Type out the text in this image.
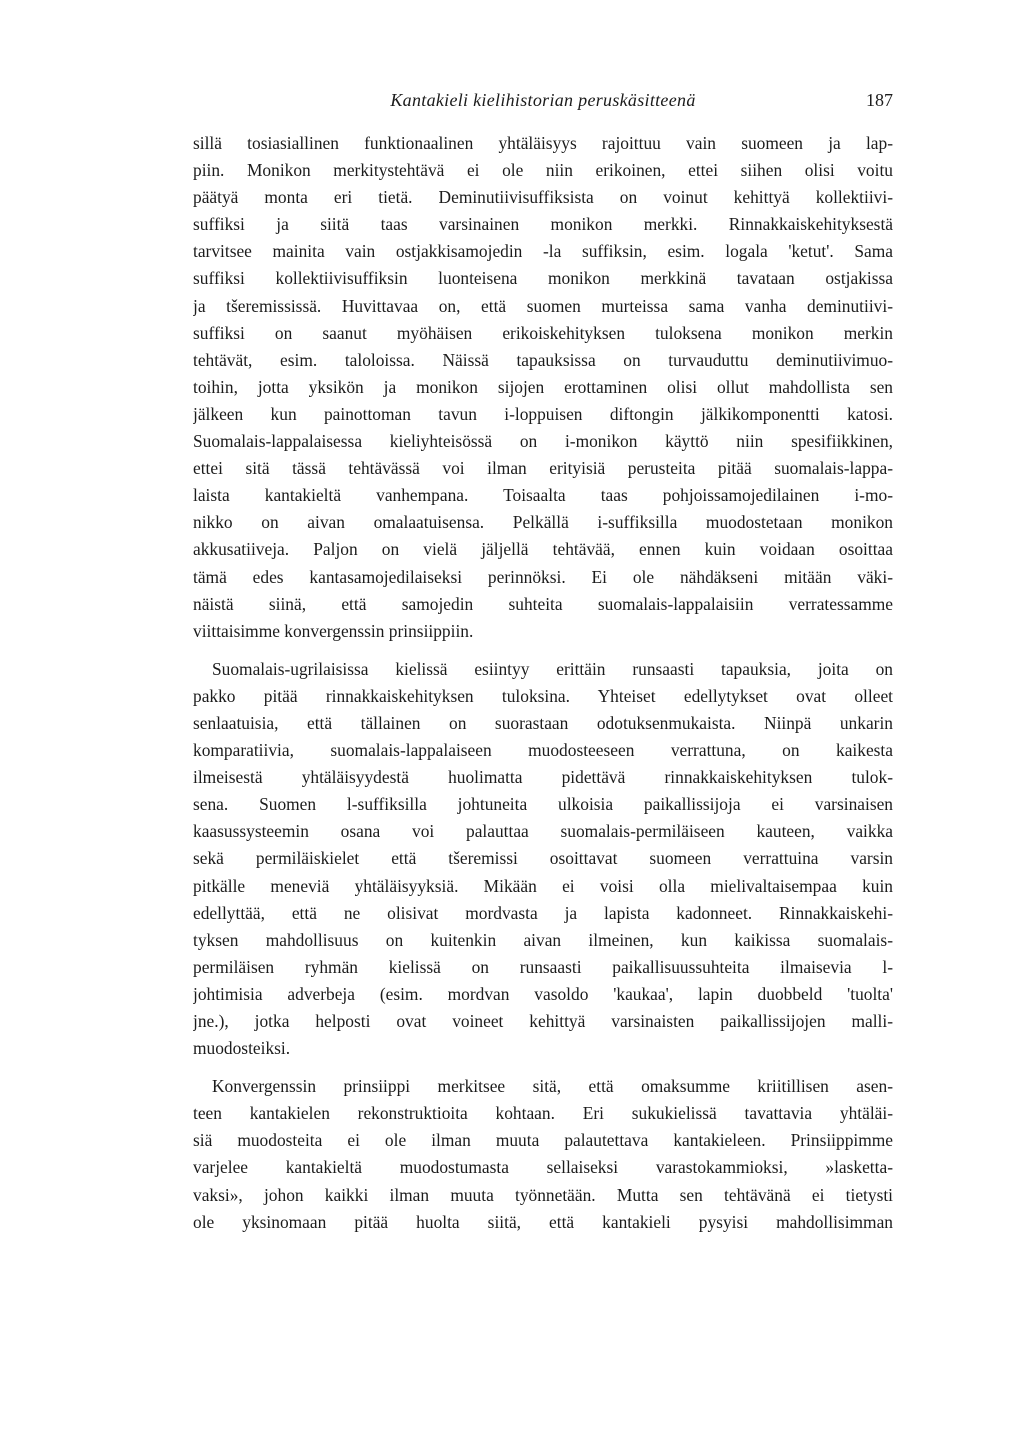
Kantakieli kielihistorian peruskäsitteenä	187
sillä tosiasiallinen funktionaalinen yhtäläisyys rajoittuu vain suomeen ja lap-
piin. Monikon merkitystehtävä ei ole niin erikoinen, ettei siihen olisi voitu
päätyä monta eri tietä. Deminutiivisuffiksista on voinut kehittyä kollektiivi-
suffiksi ja siitä taas varsinainen monikon merkki. Rinnakkaiskehityksestä
tarvitsee mainita vain ostjakkisamojedin -la suffiksin, esim. logala 'ketut'. Sama
suffiksi kollektiivisuffiksin luonteisena monikon merkkinä tavataan ostjakissa
ja tšeremississä. Huvittavaa on, että suomen murteissa sama vanha deminutiivi-
suffiksi on saanut myöhäisen erikoiskehityksen tuloksena monikon merkin
tehtävät, esim. taloloissa. Näissä tapauksissa on turvauduttu deminutiivimuo-
toihin, jotta yksikön ja monikon sijojen erottaminen olisi ollut mahdollista sen
jälkeen kun painottoman tavun i-loppuisen diftongin jälkikomponentti katosi.
Suomalais-lappalaisessa kieliyhteisössä on i-monikon käyttö niin spesifiikkinen,
ettei sitä tässä tehtävässä voi ilman erityisiä perusteita pitää suomalais-lappa-
laista kantakieltä vanhempana. Toisaalta taas pohjoissamojedilainen i-mo-
nikko on aivan omalaatuisensa. Pelkällä i-suffiksilla muodostetaan monikon
akkusatiiveja. Paljon on vielä jäljellä tehtävää, ennen kuin voidaan osoittaa
tämä edes kantasamojedilaiseksi perinnöksi. Ei ole nähdäkseni mitään väki-
näistä siinä, että samojedin suhteita suomalais-lappalaisiin verratessamme
viittaisimme konvergenssin prinsiippiin.
Suomalais-ugrilaisissa kielissä esiintyy erittäin runsaasti tapauksia, joita on
pakko pitää rinnakkaiskehityksen tuloksina. Yhteiset edellytykset ovat olleet
senlaatuisia, että tällainen on suorastaan odotuksenmukaista. Niinpä unkarin
komparatiivia, suomalais-lappalaiseen muodosteeseen verrattuna, on kaikesta
ilmeisestä yhtäläisyydestä huolimatta pidettävä rinnakkaiskehityksen tulok-
sena. Suomen l-suffiksilla johtuneita ulkoisia paikallissijoja ei varsinaisen
kaasussysteemin osana voi palauttaa suomalais-permiläiseen kauteen, vaikka
sekä permiläiskielet että tšeremissi osoittavat suomeen verrattuina varsin
pitkälle meneviä yhtäläisyyksiä. Mikään ei voisi olla mielivaltaisempaa kuin
edellyttää, että ne olisivat mordvasta ja lapista kadonneet. Rinnakkaiskehi-
tyksen mahdollisuus on kuitenkin aivan ilmeinen, kun kaikissa suomalais-
permiläisen ryhmän kielissä on runsaasti paikallisuussuhteita ilmaisevia l-
johtimisia adverbeja (esim. mordvan vasoldo 'kaukaa', lapin duobbeld 'tuolta'
jne.), jotka helposti ovat voineet kehittyä varsinaisten paikallissijojen malli-
muodosteiksi.
Konvergenssin prinsiippi merkitsee sitä, että omaksumme kriitillisen asen-
teen kantakielen rekonstruktioita kohtaan. Eri sukukielissä tavattavia yhtäläi-
siä muodosteita ei ole ilman muuta palautettava kantakieleen. Prinsiippimme
varjelee kantakieltä muodostumasta sellaiseksi varastokammioksi, »laskettа-
vaksi», johon kaikki ilman muuta työnnetään. Mutta sen tehtävänä ei tietysti
ole yksinomaan pitää huolta siitä, että kantakieli pysyisi mahdollisimman
